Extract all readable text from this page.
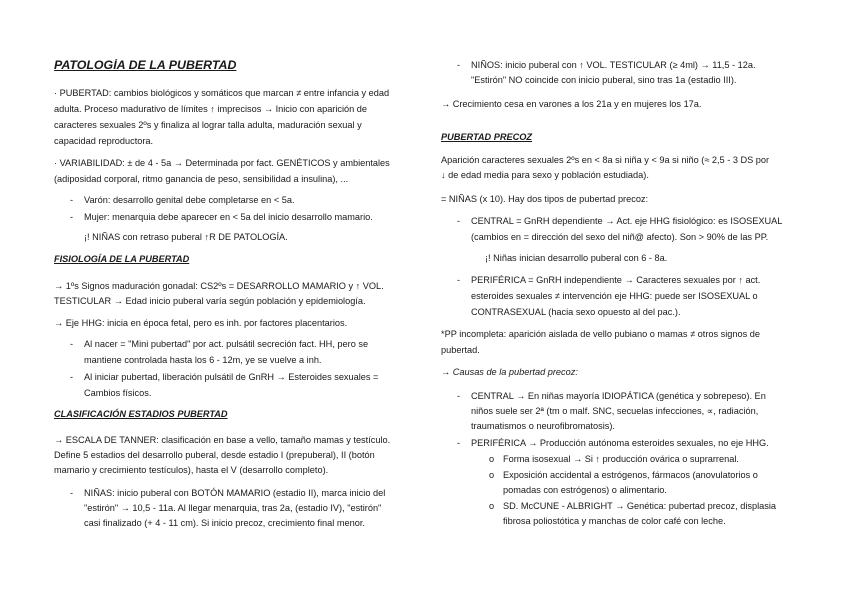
PATOLOGÍA DE LA PUBERTAD
· PUBERTAD: cambios biológicos y somáticos que marcan ≠ entre infancia y edad
adulta. Proceso madurativo de límites ↑ imprecisos → Inicio con aparición de
caracteres sexuales 2ºs y finaliza al lograr talla adulta, maduración sexual y
capacidad reproductora.
· VARIABILIDAD: ± de 4 - 5a → Determinada por fact. GENÉTICOS y ambientales
(adiposidad corporal, ritmo ganancia de peso, sensibilidad a insulina), ...
- Varón: desarrollo genital debe completarse en < 5a.
- Mujer: menarquia debe aparecer en < 5a del inicio desarrollo mamario.
¡! NIÑAS con retraso puberal ↑R DE PATOLOGÍA.
FISIOLOGÍA DE LA PUBERTAD
→ 1ºs Signos maduración gonadal: CS2ºs = DESARROLLO MAMARIO y ↑ VOL.
TESTICULAR → Edad inicio puberal varía según población y epidemiología.
→ Eje HHG: inicia en época fetal, pero es inh. por factores placentarios.
- Al nacer = "Mini pubertad" por act. pulsátil secreción fact. HH, pero se
mantiene controlada hasta los 6 - 12m, ye se vuelve a inh.
- Al iniciar pubertad, liberación pulsátil de GnRH → Esteroides sexuales =
Cambios físicos.
CLASIFICACIÓN ESTADIOS PUBERTAD
→ ESCALA DE TANNER: clasificación en base a vello, tamaño mamas y testículo.
Define 5 estadios del desarrollo puberal, desde estadio I (prepuberal), II (botón
mamario y crecimiento testículos), hasta el V (desarrollo completo).
- NIÑAS: inicio puberal con BOTÓN MAMARIO (estadio II), marca inicio del
"estirón" → 10,5 - 11a. Al llegar menarquia, tras 2a, (estadio IV), "estirón"
casi finalizado (+ 4 - 11 cm). Si inicio precoz, crecimiento final menor.
- NIÑOS: inicio puberal con ↑ VOL. TESTICULAR (≥ 4ml) → 11,5 - 12a.
"Estirón" NO coincide con inicio puberal, sino tras 1a (estadio III).
→ Crecimiento cesa en varones a los 21a y en mujeres los 17a.
PUBERTAD PRECOZ
Aparición caracteres sexuales 2ºs en < 8a si niña y < 9a si niño (≈ 2,5 - 3 DS por
↓ de edad media para sexo y población estudiada).
= NIÑAS (x 10). Hay dos tipos de pubertad precoz:
- CENTRAL = GnRH dependiente → Act. eje HHG fisiológico: es ISOSEXUAL
(cambios en = dirección del sexo del niñ@ afecto). Son > 90% de las PP.
¡! Niñas inician desarrollo puberal con 6 - 8a.
- PERIFÉRICA = GnRH independiente → Caracteres sexuales por ↑ act.
esteroides sexuales ≠ intervención eje HHG: puede ser ISOSEXUAL o
CONTRASEXUAL (hacia sexo opuesto al del pac.).
*PP incompleta: aparición aislada de vello pubiano o mamas ≠ otros signos de
pubertad.
→ Causas de la pubertad precoz:
- CENTRAL → En niñas mayoría IDIOPÁTICA (genética y sobrepeso). En
niños suele ser 2ª (tm o malf. SNC, secuelas infecciones, ∝, radiación,
traumatismos o neurofibromatosis).
- PERIFÉRICA → Producción autónoma esteroides sexuales, no eje HHG.
o Forma isosexual → Si ↑ producción ovárica o suprarrenal.
o Exposición accidental a estrógenos, fármacos (anovulatorios o
pomadas con estrógenos) o alimentario.
o SD. McCUNE - ALBRIGHT → Genética: pubertad precoz, displasia
fibrosa poliostótica y manchas de color café con leche.
